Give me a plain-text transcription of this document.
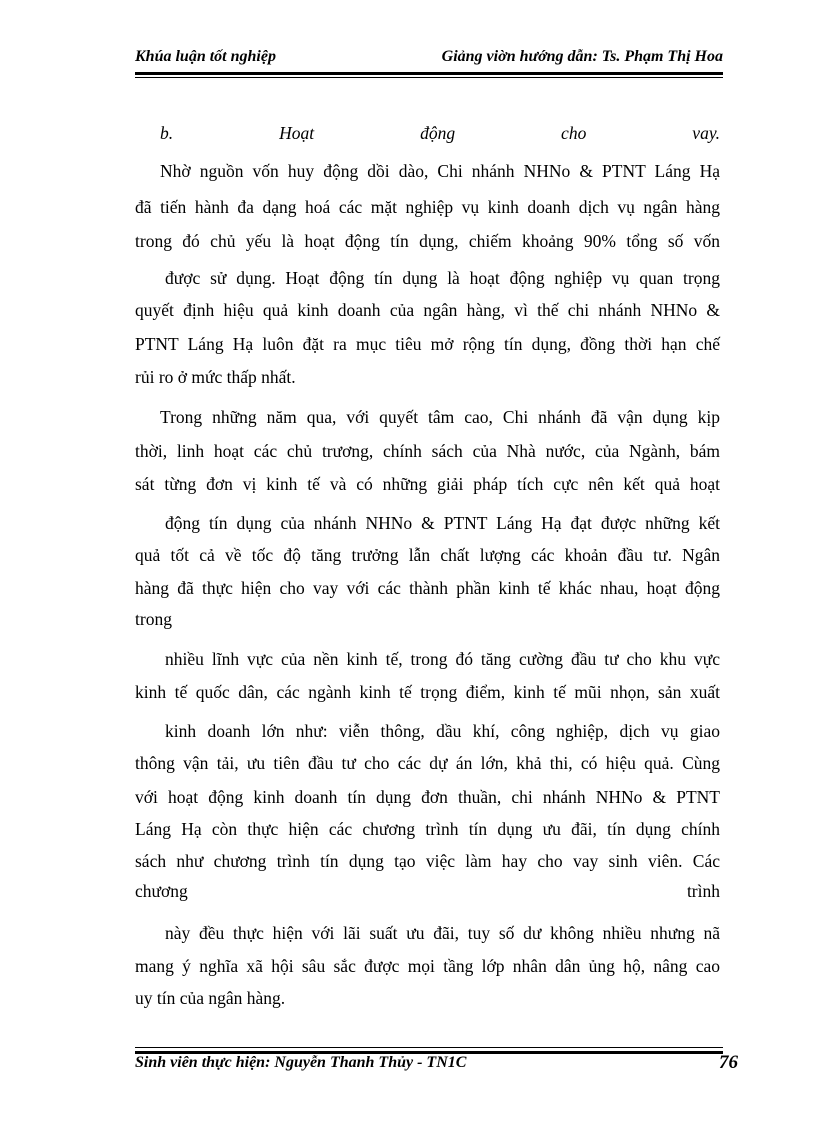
Khúa luận tốt nghiệp	Giảng viờn hướng dẫn: Ts. Phạm Thị Hoa
b. Hoạt động cho vay.
Nhờ nguồn vốn huy động dồi dào, Chi nhánh NHNo & PTNT Láng Hạ
đã tiến hành đa dạng hoá các mặt nghiệp vụ kinh doanh dịch vụ ngân hàng
trong đó chủ yếu là hoạt động tín dụng, chiếm khoảng 90% tổng số vốn
được sử dụng. Hoạt động tín dụng là hoạt động nghiệp vụ quan trọng
quyết định hiệu quả kinh doanh của ngân hàng, vì thế chi nhánh NHNo &
PTNT Láng Hạ luôn đặt ra mục tiêu mở rộng tín dụng, đồng thời hạn chế
rủi ro ở mức thấp nhất.
Trong những năm qua, với quyết tâm cao, Chi nhánh đã vận dụng kịp
thời, linh hoạt các chủ trương, chính sách của Nhà nước, của Ngành, bám
sát từng đơn vị kinh tế và có những giải pháp tích cực nên kết quả hoạt
động tín dụng của nhánh NHNo & PTNT Láng Hạ đạt được những kết
quả tốt cả về tốc độ tăng trưởng lẫn chất lượng các khoản đầu tư. Ngân
hàng đã thực hiện cho vay với các thành phần kinh tế khác nhau, hoạt động
trong
nhiều lĩnh vực của nền kinh tế, trong đó tăng cường đầu tư cho khu vực
kinh tế quốc dân, các ngành kinh tế trọng điểm, kinh tế mũi nhọn, sản xuất
kinh doanh lớn như: viễn thông, dầu khí, công nghiệp, dịch vụ giao
thông vận tải, ưu tiên đầu tư cho các dự án lớn, khả thi, có hiệu quả. Cùng
với hoạt động kinh doanh tín dụng đơn thuần, chi nhánh NHNo & PTNT
Láng Hạ còn thực hiện các chương trình tín dụng ưu đãi, tín dụng chính
sách như chương trình tín dụng tạo việc làm hay cho vay sinh viên. Các
chương trình
này đều thực hiện với lãi suất ưu đãi, tuy số dư không nhiều nhưng nã
mang ý nghĩa xã hội sâu sắc được mọi tầng lớp nhân dân ủng hộ, nâng cao
uy tín của ngân hàng.
Sinh viên thực hiện: Nguyễn Thanh Thủy - TN1C	76
